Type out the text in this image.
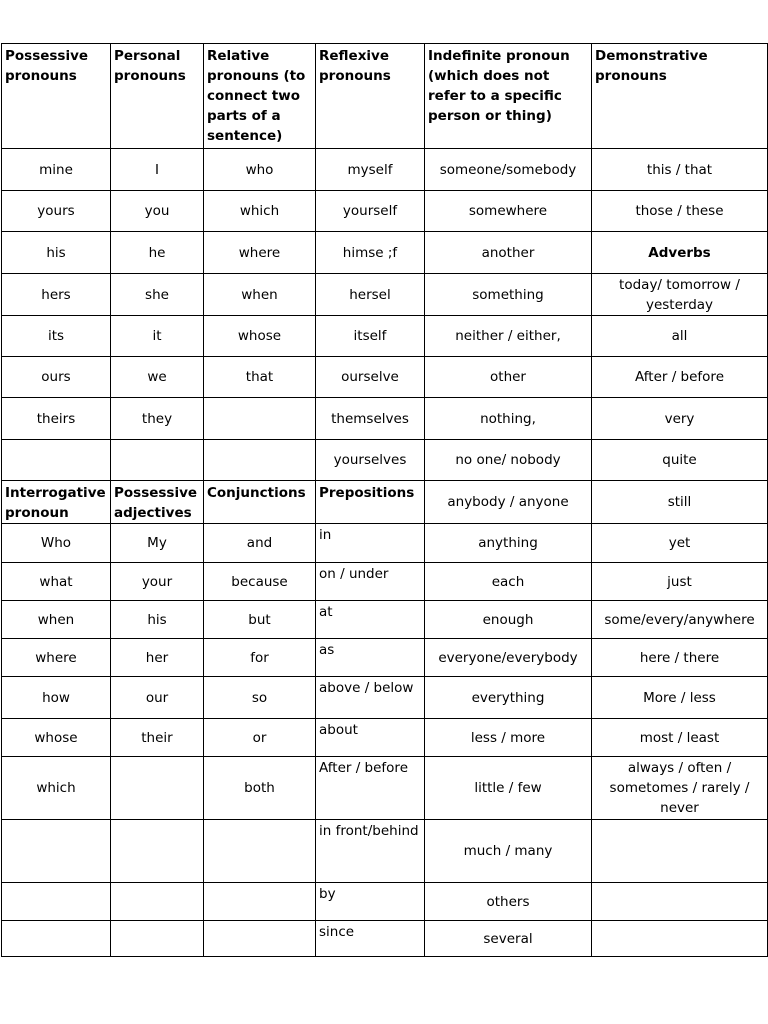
Possessive pronouns	Personal pronouns	Relative pronouns (to connect two parts of a sentence)	Reflexive pronouns	Indefinite pronoun (which does not refer to a specific person or thing)	Demonstrative pronouns
mine	I	who	myself	someone/somebody	this / that
yours	you	which	yourself	somewhere	those / these
his	he	where	himse ;f	another	Adverbs
hers	she	when	hersel	something	today/ tomorrow / yesterday
its	it	whose	itself	neither / either,	all
ours	we	that	ourselve	other	After / before
theirs	they		themselves	nothing,	very
			yourselves	no one/ nobody	quite
Interrogative pronoun	Possessive adjectives	Conjunctions	Prepositions	anybody / anyone	still
Who	My	and	in	anything	yet
what	your	because	on / under	each	just
when	his	but	at	enough	some/every/anywhere
where	her	for	as	everyone/everybody	here / there
how	our	so	above / below	everything	More / less
whose	their	or	about	less / more	most / least
which		both	After / before	little / few	always / often / sometomes / rarely / never
			in front/behind	much / many	
			by	others	
			since	several	
